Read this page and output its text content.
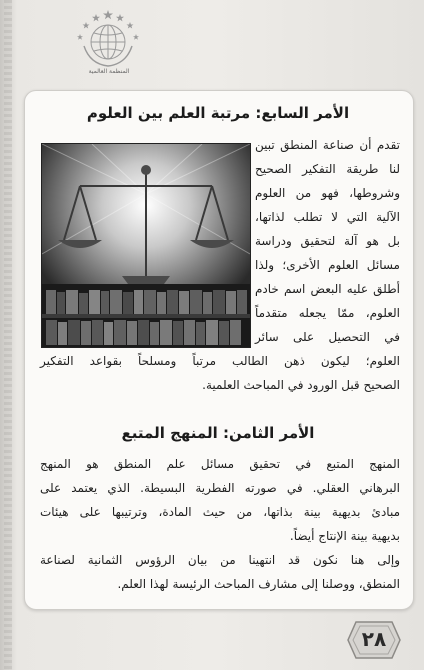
المنظمة العالمية
الأمر السابع: مرتبة العلم بين العلوم
تقدم أن صناعة المنطق تبين
لنا طريقة التفكير الصحيح
وشروطها، فهو من العلوم
الآلية التي لا تطلب لذاتها،
بل هو آلة لتحقيق ودراسة
مسائل العلوم الأخرى؛ ولذا
أطلق عليه البعض اسم خادم
العلوم، ممّا يجعله متقدماً
في التحصيل على سائر
العلوم؛ ليكون ذهن الطالب مرتباً ومسلحاً بقواعد التفكير
الصحيح قبل الورود في المباحث العلمية.
الأمر الثامن: المنهج المتبع
المنهج المتبع في تحقيق مسائل علم المنطق هو المنهج
البرهاني العقلي. في صورته الفطرية البسيطة. الذي يعتمد على
مبادئ بديهية بينة بذاتها، من حيث المادة، وترتيبها على هيئات
بديهية بينة الإنتاج أيضاً.
وإلى هنا نكون قد انتهينا من بيان الرؤوس الثمانية لصناعة
المنطق، ووصلنا إلى مشارف المباحث الرئيسة لهذا العلم.
٢٨
